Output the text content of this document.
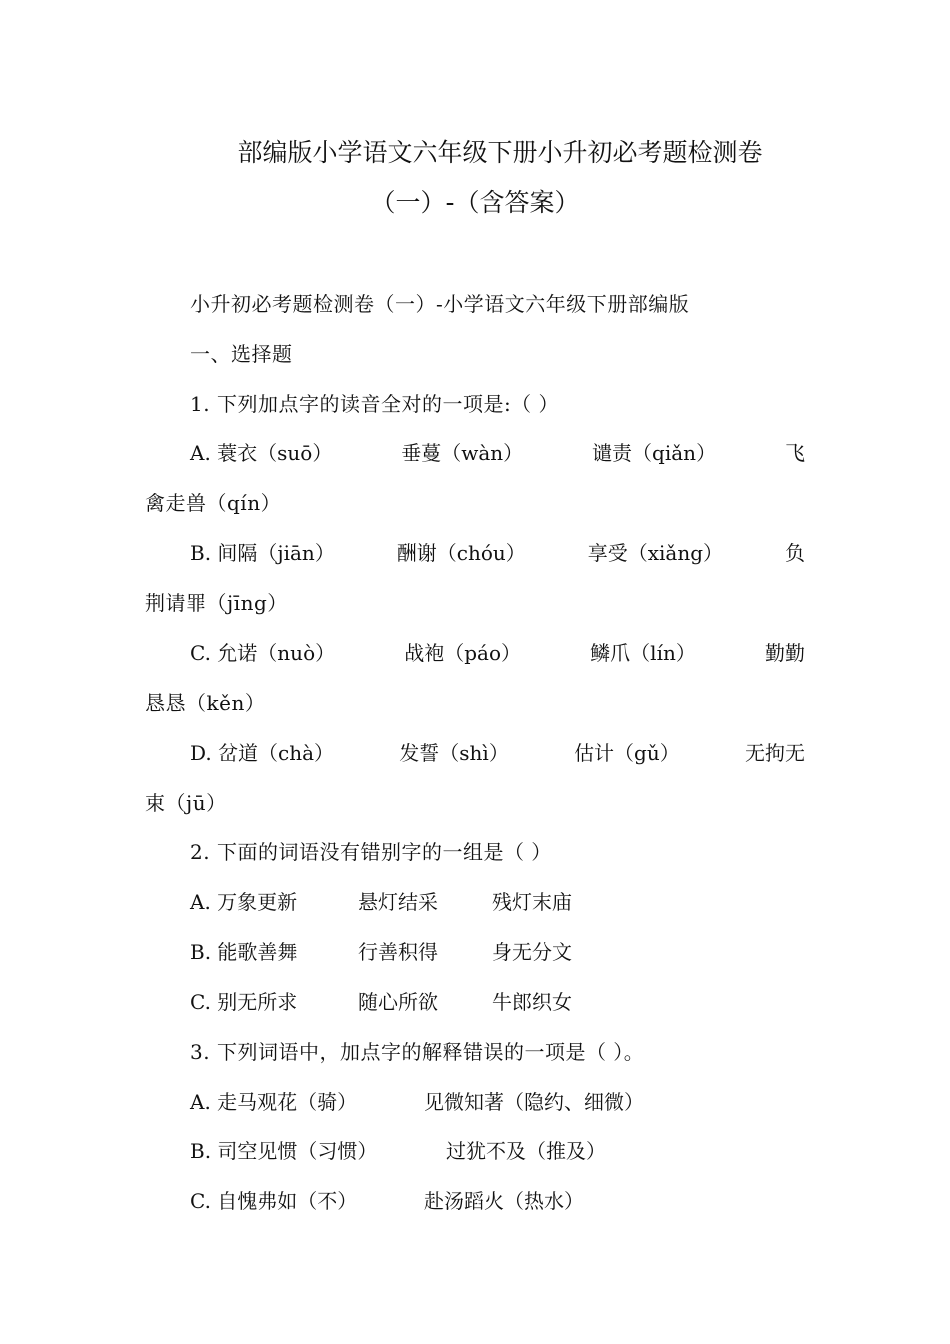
部编版小学语文六年级下册小升初必考题检测卷
（一）-（含答案）
小升初必考题检测卷（一）-小学语文六年级下册部编版
一、选择题
1. 下列加点字的读音全对的一项是:（ ）
A. 蓑衣（suō）	垂蔓（wàn）	谴责（qiǎn）	飞
禽走兽（qín）
B. 间隔（jiān）	酬谢（chóu）	享受（xiǎng）	负
荆请罪（jīng）
C. 允诺（nuò）	战袍（páo）	鳞爪（lín）	勤勤
恳恳（kěn）
D. 岔道（chà）	发誓（shì）	估计（gǔ）	无拘无
束（jū）
2. 下面的词语没有错别字的一组是（ ）
A. 万象更新	悬灯结采	残灯末庙
B. 能歌善舞	行善积得	身无分文
C. 别无所求	随心所欲	牛郎织女
3. 下列词语中，加点字的解释错误的一项是（ ）。
A. 走马观花（骑）	见微知著（隐约、细微）
B. 司空见惯（习惯）	过犹不及（推及）
C. 自愧弗如（不）	赴汤蹈火（热水）
